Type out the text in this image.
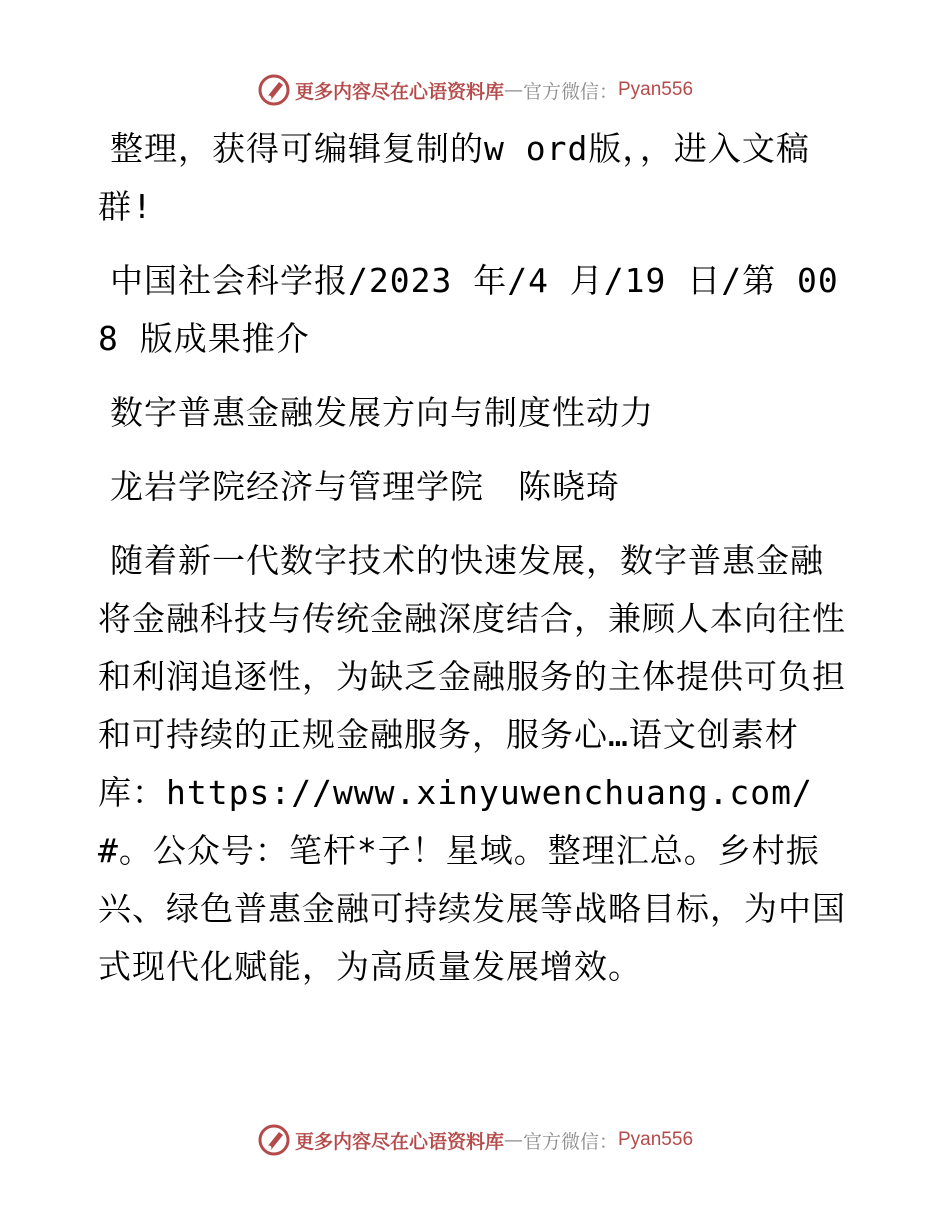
更多内容尽在心语资料库 — 官方微信： Pyan556

整理，获得可编辑复制的w ord版，，进入文稿群!

中国社会科学报/2023 年/4 月/19 日/第 008 版成果推介

数字普惠金融发展方向与制度性动力

龙岩学院经济与管理学院　陈晓琦

随着新一代数字技术的快速发展，数字普惠金融将金融科技与传统金融深度结合，兼顾人本向往性和利润追逐性，为缺乏金融服务的主体提供可负担和可持续的正规金融服务，服务心…语文创素材库：https://www.xinyuwenchuang.com/#。公众号：笔杆*子！星域。整理汇总。乡村振兴、绿色普惠金融可持续发展等战略目标，为中国式现代化赋能，为高质量发展增效。

更多内容尽在心语资料库 — 官方微信： Pyan556
